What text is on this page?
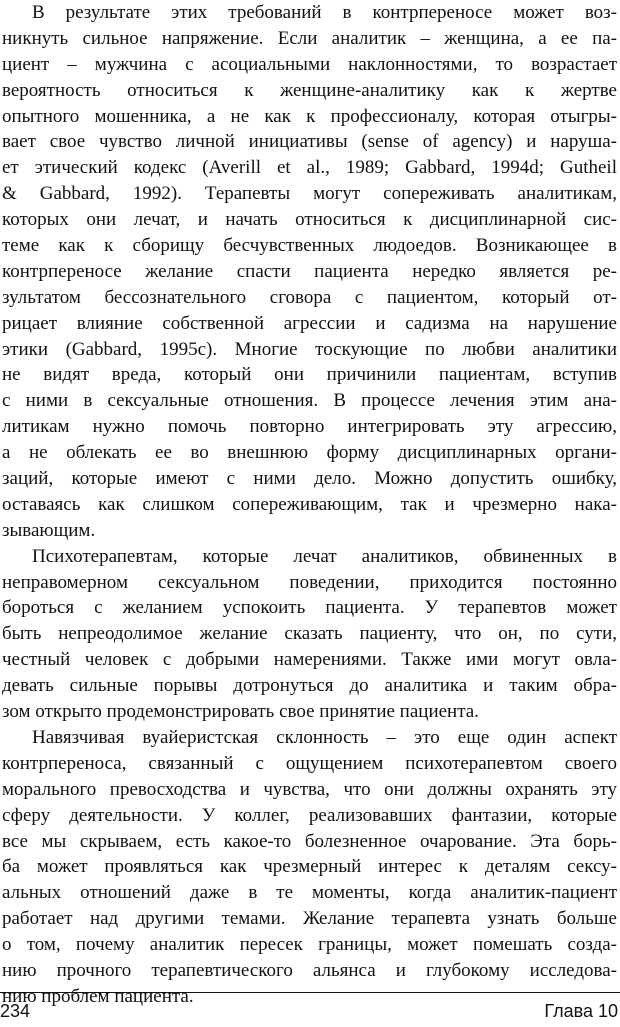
В результате этих требований в контрпереносе может воз-
никнуть сильное напряжение. Если аналитик – женщина, а ее па-
циент – мужчина с асоциальными наклонностями, то возрастает
вероятность относиться к женщине-аналитику как к жертве
опытного мошенника, а не как к профессионалу, которая отыгры-
вает свое чувство личной инициативы (sense of agency) и наруша-
ет этический кодекс (Averill et al., 1989; Gabbard, 1994d; Gutheil
& Gabbard, 1992). Терапевты могут сопереживать аналитикам,
которых они лечат, и начать относиться к дисциплинарной сис-
теме как к сборищу бесчувственных людоедов. Возникающее в
контрпереносе желание спасти пациента нередко является ре-
зультатом бессознательного сговора с пациентом, который от-
рицает влияние собственной агрессии и садизма на нарушение
этики (Gabbard, 1995c). Многие тоскующие по любви аналитики
не видят вреда, который они причинили пациентам, вступив
с ними в сексуальные отношения. В процессе лечения этим ана-
литикам нужно помочь повторно интегрировать эту агрессию,
а не облекать ее во внешнюю форму дисциплинарных органи-
заций, которые имеют с ними дело. Можно допустить ошибку,
оставаясь как слишком сопереживающим, так и чрезмерно нака-
зывающим.
Психотерапевтам, которые лечат аналитиков, обвиненных в
неправомерном сексуальном поведении, приходится постоянно
бороться с желанием успокоить пациента. У терапевтов может
быть непреодолимое желание сказать пациенту, что он, по сути,
честный человек с добрыми намерениями. Также ими могут овла-
девать сильные порывы дотронуться до аналитика и таким обра-
зом открыто продемонстрировать свое принятие пациента.
Навязчивая вуайеристская склонность – это еще один аспект
контрпереноса, связанный с ощущением психотерапевтом своего
морального превосходства и чувства, что они должны охранять эту
сферу деятельности. У коллег, реализовавших фантазии, которые
все мы скрываем, есть какое-то болезненное очарование. Эта борь-
ба может проявляться как чрезмерный интерес к деталям сексу-
альных отношений даже в те моменты, когда аналитик-пациент
работает над другими темами. Желание терапевта узнать больше
о том, почему аналитик пересек границы, может помешать созда-
нию прочного терапевтического альянса и глубокому исследова-
нию проблем пациента.
234	Глава 10
